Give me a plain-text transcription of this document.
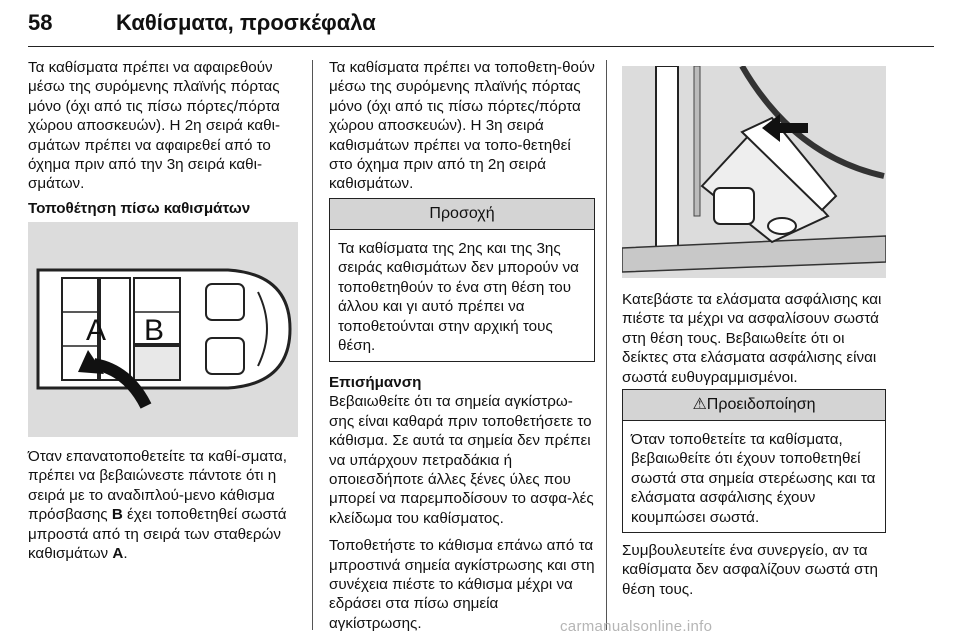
58	Καθίσματα, προσκέφαλα

Τα καθίσματα πρέπει να αφαιρεθούν μέσω της συρόμενης πλαϊνής πόρτας μόνο (όχι από τις πίσω πόρτες/πόρτα χώρου αποσκευών). Η 2η σειρά καθι-σμάτων πρέπει να αφαιρεθεί από το όχημα πριν από την 3η σειρά καθι-σμάτων.

Τοποθέτηση πίσω καθισμάτων

A B

Όταν επανατοποθετείτε τα καθί-σματα, πρέπει να βεβαιώνεστε πάντοτε ότι η σειρά με το αναδιπλού-μενο κάθισμα πρόσβασης B έχει τοποθετηθεί σωστά μπροστά από τη σειρά των σταθερών καθισμάτων A.

Τα καθίσματα πρέπει να τοποθετη-θούν μέσω της συρόμενης πλαϊνής πόρτας μόνο (όχι από τις πίσω πόρτες/πόρτα χώρου αποσκευών). Η 3η σειρά καθισμάτων πρέπει να τοπο-θετηθεί στο όχημα πριν από τη 2η σειρά καθισμάτων.

Προσοχή
Τα καθίσματα της 2ης και της 3ης σειράς καθισμάτων δεν μπορούν να τοποθετηθούν το ένα στη θέση του άλλου και γι αυτό πρέπει να τοποθετούνται στην αρχική τους θέση.

Επισήμανση

Βεβαιωθείτε ότι τα σημεία αγκίστρω-σης είναι καθαρά πριν τοποθετήσετε το κάθισμα. Σε αυτά τα σημεία δεν πρέπει να υπάρχουν πετραδάκια ή οποιεσδήποτε άλλες ξένες ύλες που μπορεί να παρεμποδίσουν το ασφα-λές κλείδωμα του καθίσματος.

Τοποθετήστε το κάθισμα επάνω από τα μπροστινά σημεία αγκίστρωσης και στη συνέχεια πιέστε το κάθισμα μέχρι να εδράσει στα πίσω σημεία αγκίστρωσης.

Κατεβάστε τα ελάσματα ασφάλισης και πιέστε τα μέχρι να ασφαλίσουν σωστά στη θέση τους. Βεβαιωθείτε ότι οι δείκτες στα ελάσματα ασφάλισης είναι σωστά ευθυγραμμισμένοι.

⚠Προειδοποίηση
Όταν τοποθετείτε τα καθίσματα, βεβαιωθείτε ότι έχουν τοποθετηθεί σωστά στα σημεία στερέωσης και τα ελάσματα ασφάλισης έχουν κουμπώσει σωστά.

Συμβουλευτείτε ένα συνεργείο, αν τα καθίσματα δεν ασφαλίζουν σωστά στη θέση τους.

carmanualsonline.info
